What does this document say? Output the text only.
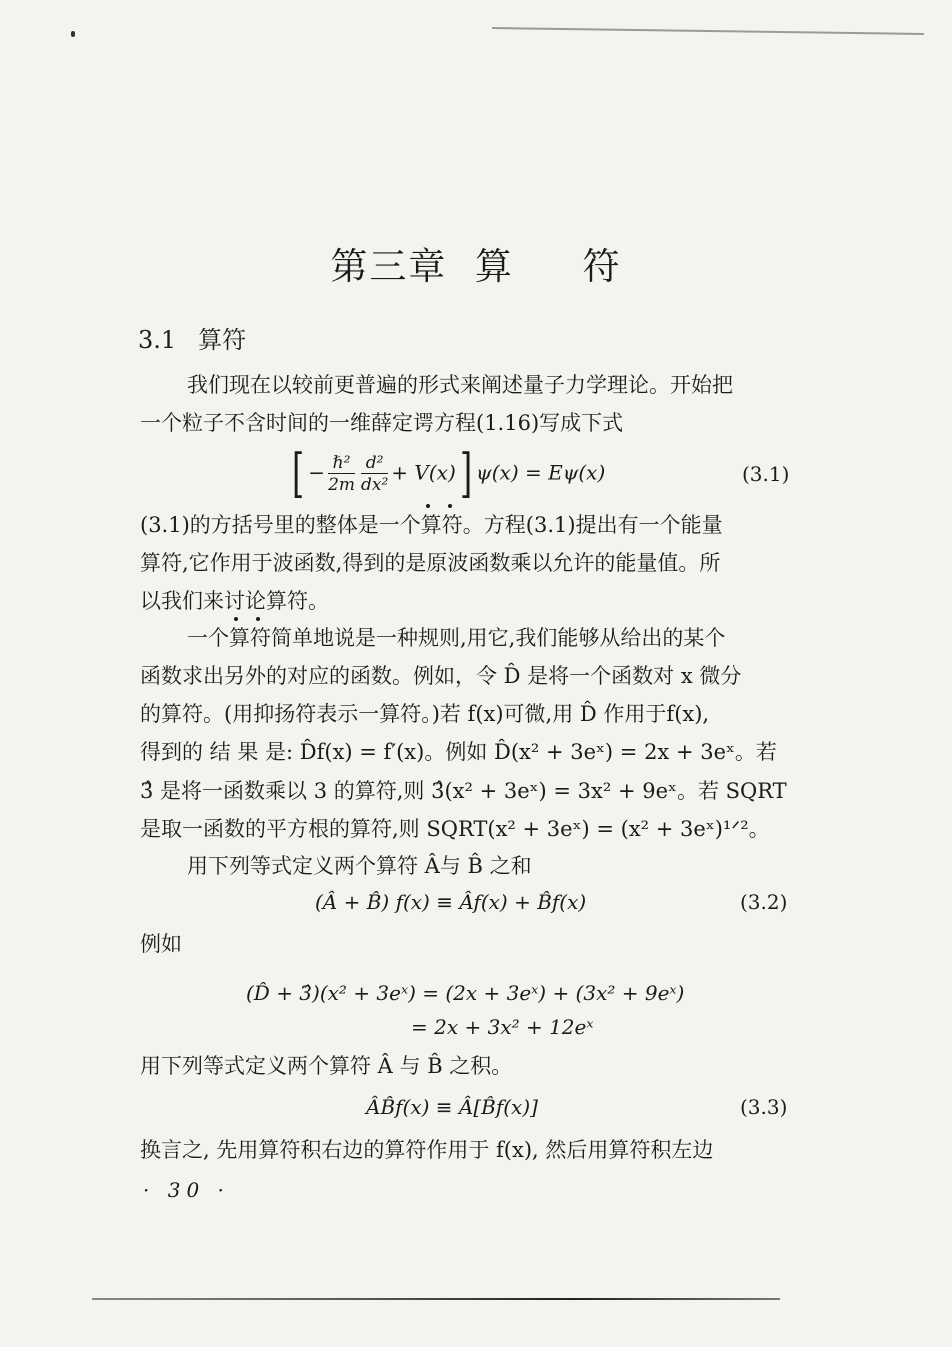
第三章  算     符
3.1 算符
我们现在以较前更普遍的形式来阐述量子力学理论。开始把
一个粒子不含时间的一维薛定谔方程(1.16)写成下式
[ − $\frac{\text{ℏ²}}{2m} \frac{\text{d²}}{\text{dx²}} + V(x)$] ψ(x) = Eψ(x)	(3.1)
(3.1)的方括号里的整体是一个
算符。方程(3.1)提出有一个能量
算符,它作用于波函数,得到的是原波函数乘以允许的能量值。所
以我们来讨论算符。
一个
算符简单地说是一种规则,用它,我们能够从给出的某个
函数求出另外的对应的函数。例如，令 D̂ 是将一个函数对 x 微分
的算符。(用抑扬符表示一算符。)若 f(x)可微,用 D̂ 作用于f(x),
得到的 结 果 是: D̂f(x) = f′(x)。例如 D̂(x² + 3eˣ) = 2x + 3eˣ。若
3̂ 是将一函数乘以 3 的算符,则 3̂(x² + 3eˣ) = 3x² + 9eˣ。若 SQRT
是取一函数的平方根的算符,则 SQRT(x² + 3eˣ) = (x² + 3eˣ)¹ᐟ²。
用下列等式定义两个算符 Â与 B̂ 之和
(Â + B̂) f(x) ≡ Âf(x) + B̂f(x)	(3.2)
例如
(D̂ + 3̂)(x² + 3eˣ) = (2x + 3eˣ) + (3x² + 9eˣ)
= 2x + 3x² + 12eˣ
用下列等式定义两个算符 Â 与 B̂ 之积。
ÂB̂f(x) ≡ Â[B̂f(x)]	(3.3)
换言之, 先用算符积右边的算符作用于 f(x), 然后用算符积左边
· 30 ·
